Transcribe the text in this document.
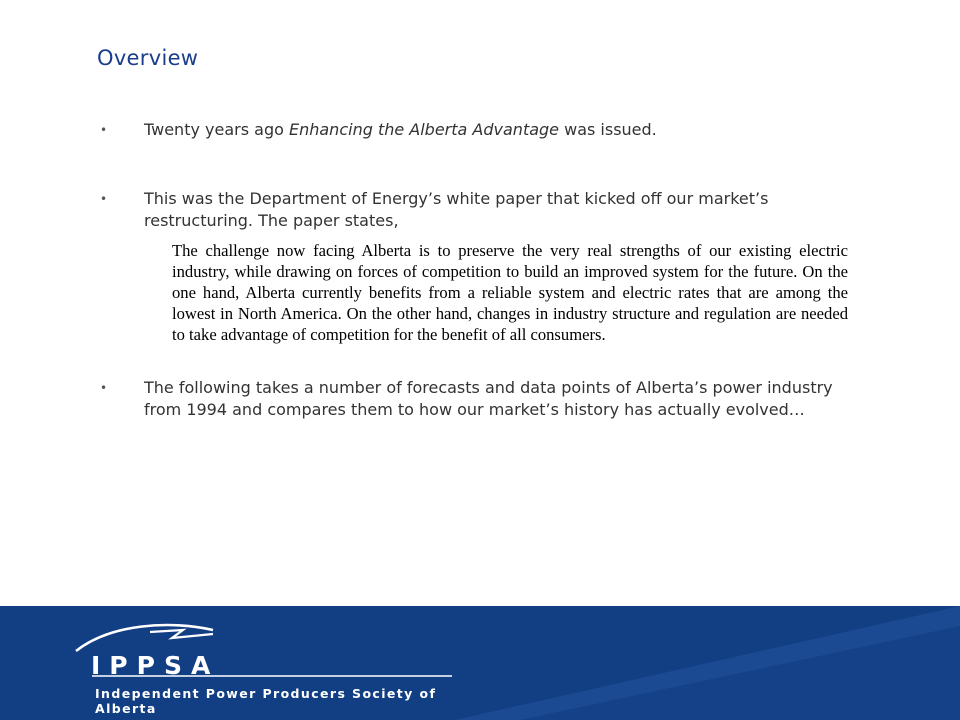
Overview
• Twenty years ago Enhancing the Alberta Advantage was issued.
• This was the Department of Energy’s white paper that kicked off our market’s restructuring. The paper states,
The challenge now facing Alberta is to preserve the very real strengths of our existing electric industry, while drawing on forces of competition to build an improved system for the future. On the one hand, Alberta currently benefits from a reliable system and electric rates that are among the lowest in North America. On the other hand, changes in industry structure and regulation are needed to take advantage of competition for the benefit of all consumers.
• The following takes a number of forecasts and data points of Alberta’s power industry from 1994 and compares them to how our market’s history has actually evolved…
IPPSA
Independent Power Producers Society of Alberta
